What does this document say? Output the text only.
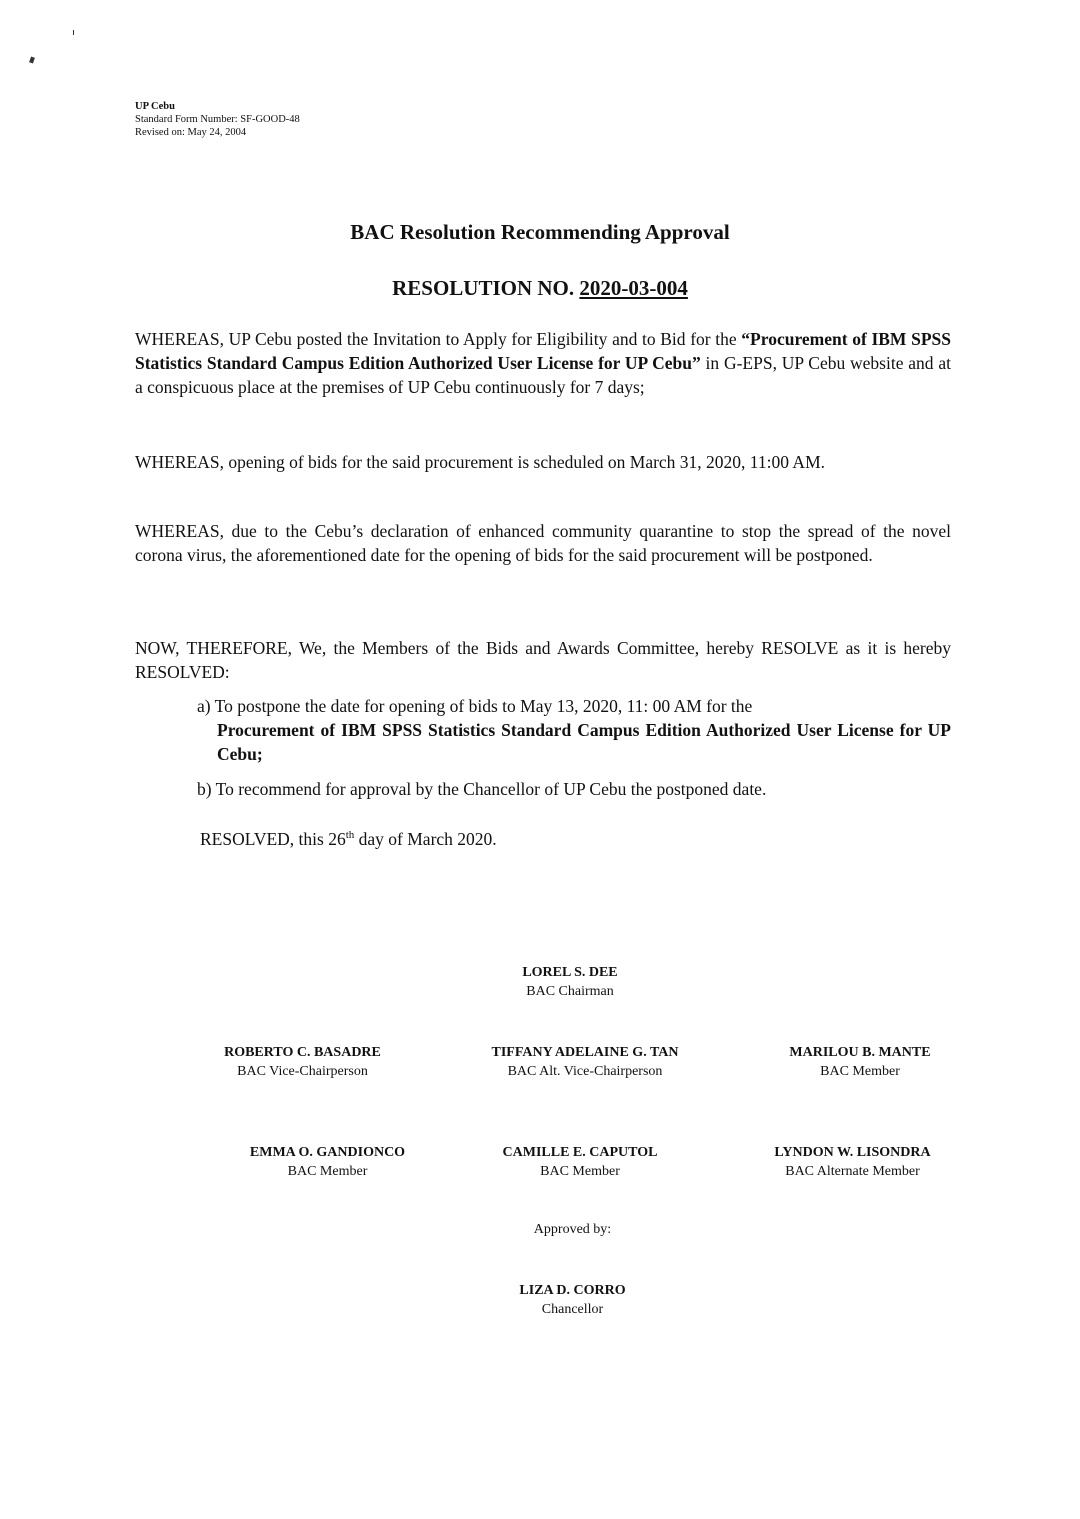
UP Cebu
Standard Form Number: SF-GOOD-48
Revised on: May 24, 2004
BAC Resolution Recommending Approval
RESOLUTION NO. 2020-03-004
WHEREAS, UP Cebu posted the Invitation to Apply for Eligibility and to Bid for the “Procurement of IBM SPSS Statistics Standard Campus Edition Authorized User License for UP Cebu” in G-EPS, UP Cebu website and at a conspicuous place at the premises of UP Cebu continuously for 7 days;
WHEREAS, opening of bids for the said procurement is scheduled on March 31, 2020, 11:00 AM.
WHEREAS, due to the Cebu’s declaration of enhanced community quarantine to stop the spread of the novel corona virus, the aforementioned date for the opening of bids for the said procurement will be postponed.
NOW, THEREFORE, We, the Members of the Bids and Awards Committee, hereby RESOLVE as it is hereby RESOLVED:
a) To postpone the date for opening of bids to May 13, 2020, 11: 00 AM for the
Procurement of IBM SPSS Statistics Standard Campus Edition Authorized User License for UP Cebu;
b) To recommend for approval by the Chancellor of UP Cebu the postponed date.
RESOLVED, this 26th day of March 2020.
LOREL S. DEE
BAC Chairman
ROBERTO C. BASADRE
BAC Vice-Chairperson
TIFFANY ADELAINE G. TAN
BAC Alt. Vice-Chairperson
MARILOU B. MANTE
BAC Member
EMMA O. GANDIONCO
BAC Member
CAMILLE E. CAPUTOL
BAC Member
LYNDON W. LISONDRA
BAC Alternate Member
Approved by:
LIZA D. CORRO
Chancellor
